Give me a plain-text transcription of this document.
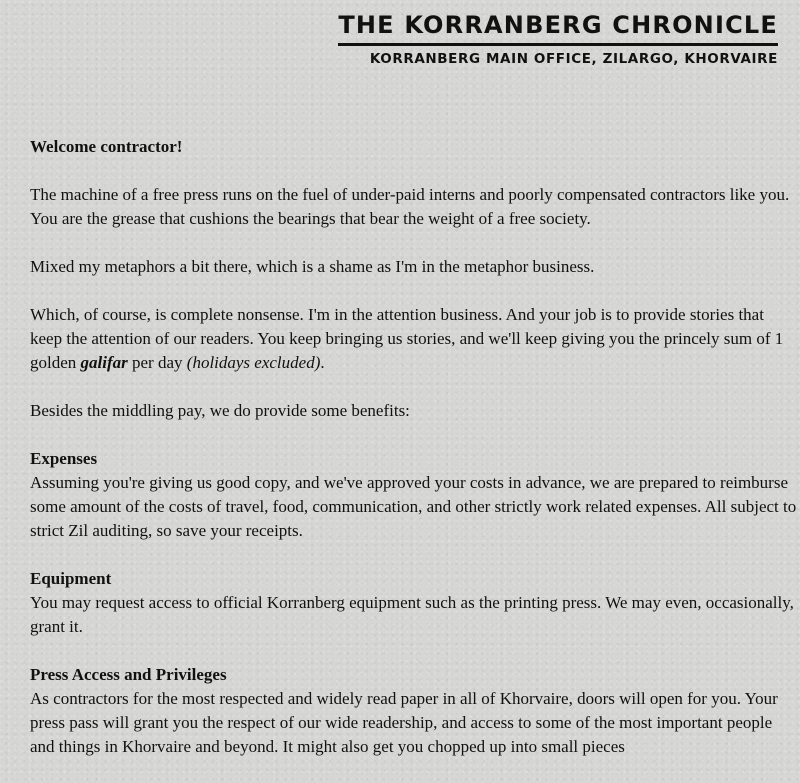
THE KORRANBERG CHRONICLE
KORRANBERG MAIN OFFICE, ZILARGO, KHORVAIRE

Welcome contractor!

The machine of a free press runs on the fuel of under-paid interns and poorly compensated contractors like you. You are the grease that cushions the bearings that bear the weight of a free society.

Mixed my metaphors a bit there, which is a shame as I'm in the metaphor business.

Which, of course, is complete nonsense. I'm in the attention business. And your job is to provide stories that keep the attention of our readers. You keep bringing us stories, and we'll keep giving you the princely sum of 1 golden galifar per day (holidays excluded).

Besides the middling pay, we do provide some benefits:

Expenses

Assuming you're giving us good copy, and we've approved your costs in advance, we are prepared to reimburse some amount of the costs of travel, food, communication, and other strictly work related expenses. All subject to strict Zil auditing, so save your receipts.

Equipment

You may request access to official Korranberg equipment such as the printing press. We may even, occasionally, grant it.

Press Access and Privileges

As contractors for the most respected and widely read paper in all of Khorvaire, doors will open for you. Your press pass will grant you the respect of our wide readership, and access to some of the most important people and things in Khorvaire and beyond. It might also get you chopped up into small pieces
